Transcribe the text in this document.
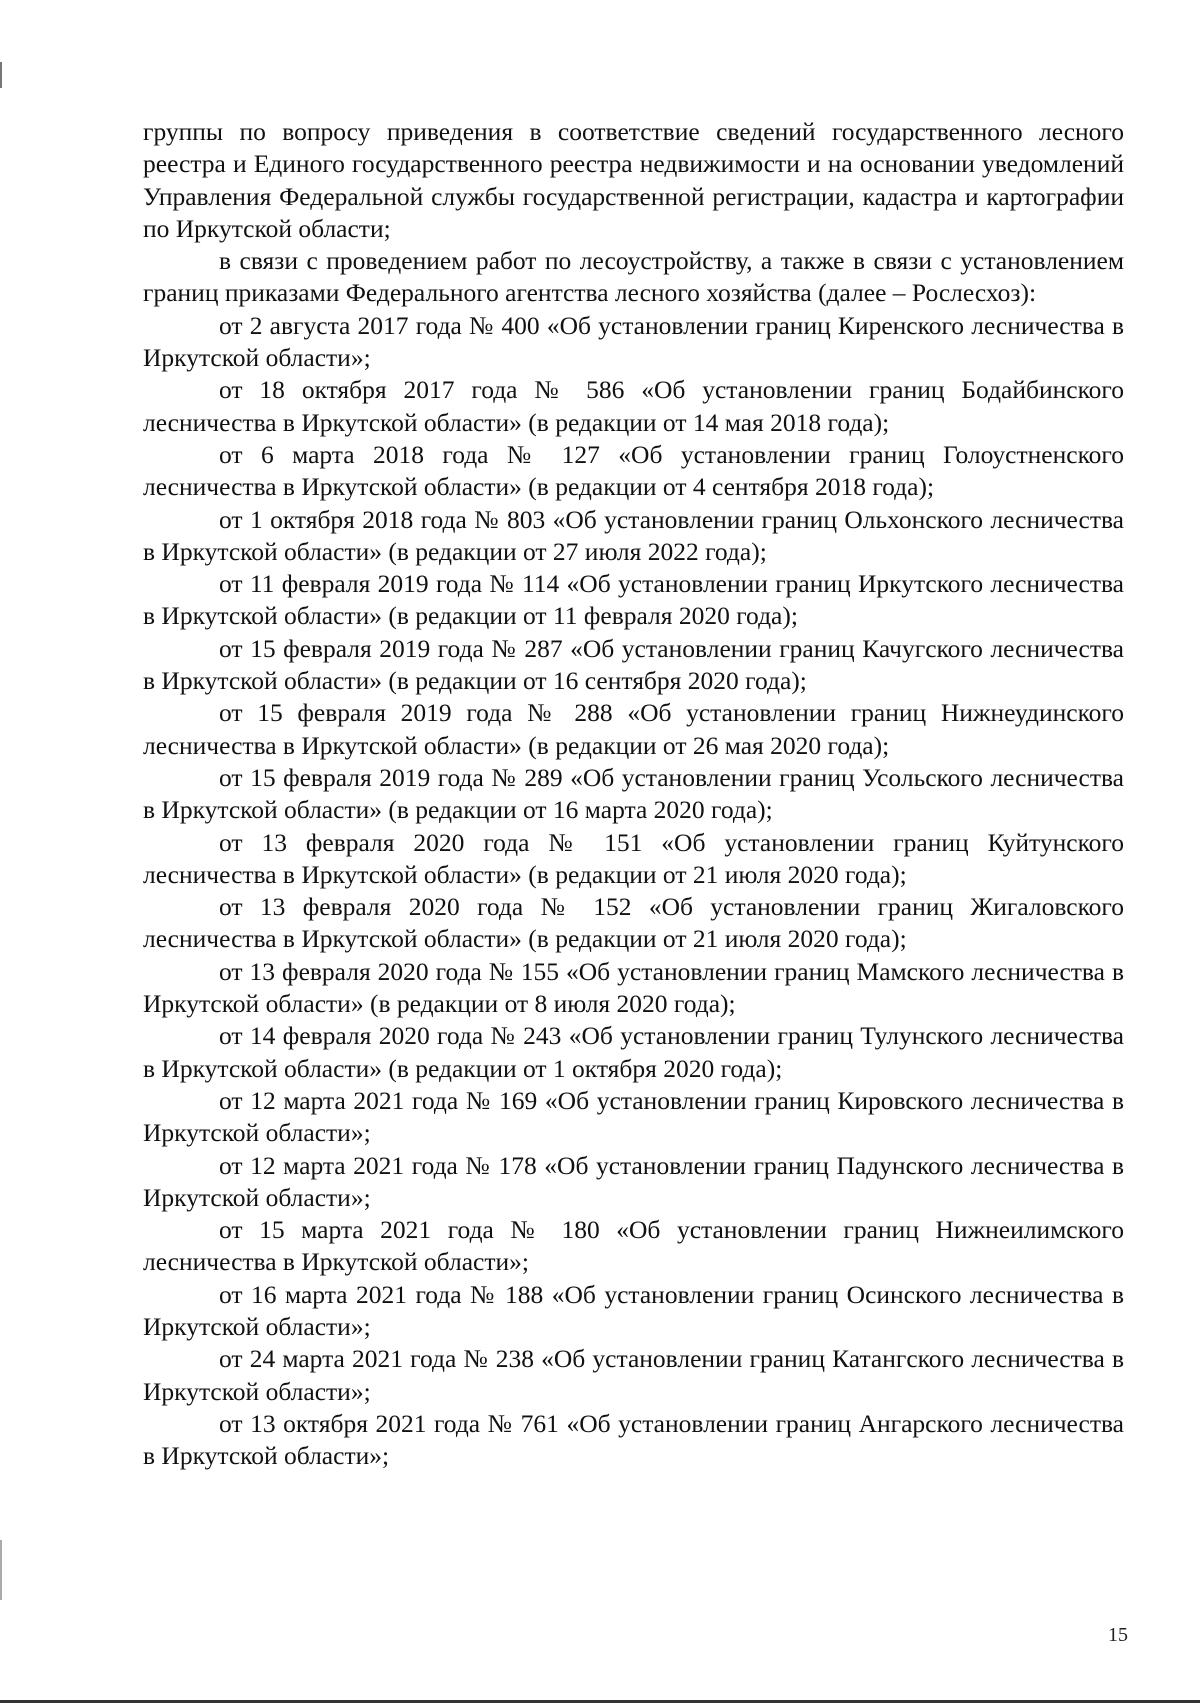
группы по вопросу приведения в соответствие сведений государственного лесного реестра и Единого государственного реестра недвижимости и на основании уведомлений Управления Федеральной службы государственной регистрации, кадастра и картографии по Иркутской области;

в связи с проведением работ по лесоустройству, а также в связи с установлением границ приказами Федерального агентства лесного хозяйства (далее – Рослесхоз):

от 2 августа 2017 года № 400 «Об установлении границ Киренского лесничества в Иркутской области»;

от 18 октября 2017 года № 586 «Об установлении границ Бодайбинского лесничества в Иркутской области» (в редакции от 14 мая 2018 года);

от 6 марта 2018 года № 127 «Об установлении границ Голоустненского лесничества в Иркутской области» (в редакции от 4 сентября 2018 года);

от 1 октября 2018 года № 803 «Об установлении границ Ольхонского лесничества в Иркутской области» (в редакции от 27 июля 2022 года);

от 11 февраля 2019 года № 114 «Об установлении границ Иркутского лесничества в Иркутской области» (в редакции от 11 февраля 2020 года);

от 15 февраля 2019 года № 287 «Об установлении границ Качугского лесничества в Иркутской области» (в редакции от 16 сентября 2020 года);

от 15 февраля 2019 года № 288 «Об установлении границ Нижнеудинского лесничества в Иркутской области» (в редакции от 26 мая 2020 года);

от 15 февраля 2019 года № 289 «Об установлении границ Усольского лесничества в Иркутской области» (в редакции от 16 марта 2020 года);

от 13 февраля 2020 года № 151 «Об установлении границ Куйтунского лесничества в Иркутской области» (в редакции от 21 июля 2020 года);

от 13 февраля 2020 года № 152 «Об установлении границ Жигаловского лесничества в Иркутской области» (в редакции от 21 июля 2020 года);

от 13 февраля 2020 года № 155 «Об установлении границ Мамского лесничества в Иркутской области» (в редакции от 8 июля 2020 года);

от 14 февраля 2020 года № 243 «Об установлении границ Тулунского лесничества в Иркутской области» (в редакции от 1 октября 2020 года);

от 12 марта 2021 года № 169 «Об установлении границ Кировского лесничества в Иркутской области»;

от 12 марта 2021 года № 178 «Об установлении границ Падунского лесничества в Иркутской области»;

от 15 марта 2021 года № 180 «Об установлении границ Нижнеилимского лесничества в Иркутской области»;

от 16 марта 2021 года № 188 «Об установлении границ Осинского лесничества в Иркутской области»;

от 24 марта 2021 года № 238 «Об установлении границ Катангского лесничества в Иркутской области»;

от 13 октября 2021 года № 761 «Об установлении границ Ангарского лесничества в Иркутской области»;

15
